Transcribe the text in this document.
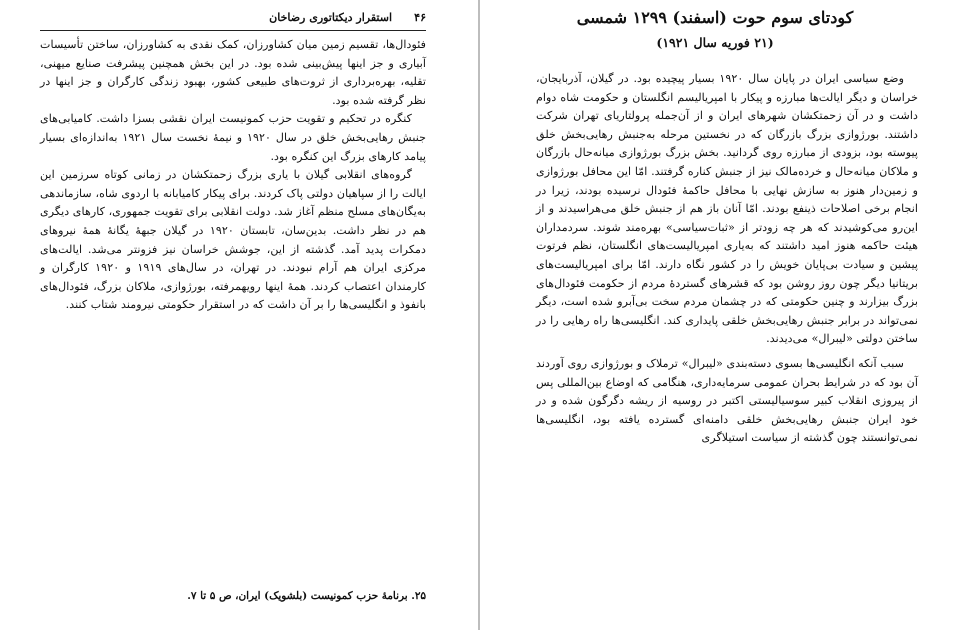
۴۶
استقرار دیکتاتوری رضاخان

فئودال‌ها، تقسیم زمین میان کشاورزان، کمک نقدی به کشاورزان، ساختن تأسیسات آبیاری و جز اینها پیش‌بینی شده بود. در این بخش همچنین پیشرفت صنایع میهنی، تقلیه، بهره‌برداری از ثروت‌های طبیعی کشور، بهبود زندگی کارگران و جز اینها در نظر گرفته شده بود.

کنگره در تحکیم و تقویت حزب کمونیست ایران نقشی بسزا داشت. کامیابی‌های جنبش رهایی‌بخش خلق در سال ۱۹۲۰ و نیمهٔ نخست سال ۱۹۲۱ به‌اندازه‌ای بسیار پیامد کارهای بزرگ این کنگره بود.

گروه‌های انقلابی گیلان با یاری بزرگ زحمتکشان در زمانی کوتاه سرزمین این ایالت را از سپاهیان دولتی پاک کردند. برای پیکار کامیابانه با اردوی شاه، سازماندهی به‌یگان‌های مسلح منظم آغاز شد. دولت انقلابی برای تقویت جمهوری، کارهای دیگری هم در نظر داشت. بدین‌سان، تابستان ۱۹۲۰ در گیلان جبههٔ یگانهٔ همهٔ نیروهای دمکرات پدید آمد. گذشته از این، جوشش خراسان نیز فزونتر می‌شد. ایالت‌های مرکزی ایران هم آرام نبودند. در تهران، در سال‌های ۱۹۱۹ و ۱۹۲۰ کارگران و کارمندان اعتصاب کردند. همهٔ اینها رویهمرفته، بورژوازی، ملاکان بزرگ، فئودال‌های بانفوذ و انگلیسی‌ها را بر آن داشت که در استقرار حکومتی نیرومند شتاب کنند.

۲۵. برنامهٔ حزب کمونیست (بلشویک) ایران، ص ۵ تا ۷.
کودتای سوم حوت (اسفند) ۱۲۹۹ شمسی
(۲۱ فوریه سال ۱۹۲۱)

وضع سیاسی ایران در پایان سال ۱۹۲۰ بسیار پیچیده بود. در گیلان، آذربایجان، خراسان و دیگر ایالت‌ها مبارزه و پیکار با امپریالیسم انگلستان و حکومت شاه دوام داشت و در آن زحمتکشان شهرهای ایران و از آن‌جمله پرولتاریای تهران شرکت داشتند. بورژوازی بزرگ بازرگان که در نخستین مرحله به‌جنبش رهایی‌بخش خلق پیوسته بود، بزودی از مبارزه روی گردانید. بخش بزرگ بورژوازی میانه‌حال بازرگان و ملاکان میانه‌حال و خرده‌مالک نیز از جنبش کناره گرفتند. امّا این محافل بورژوازی و زمین‌دار هنوز به سازش نهایی با محافل حاکمهٔ فئودال نرسیده بودند، زیرا در انجام برخی اصلاحات ذینفع بودند. امّا آنان باز هم از جنبش خلق می‌هراسیدند و از این‌رو می‌کوشیدند که هر چه زودتر از «ثبات‌سیاسی» بهره‌مند شوند. سردمداران هیئت حاکمه هنوز امید داشتند که به‌یاری امپریالیست‌های انگلستان، نظم فرتوت پیشین و سیادت بی‌پایان خویش را در کشور نگاه دارند. امّا برای امپریالیست‌های بریتانیا دیگر چون روز روشن بود که قشرهای گستردهٔ مردم از حکومت فئودال‌های بزرگ بیزارند و چنین حکومتی که در چشمان مردم سخت بی‌آبرو شده است، دیگر نمی‌تواند در برابر جنبش رهایی‌بخش خلقی پایداری کند. انگلیسی‌ها راه رهایی را در ساختن دولتی «لیبرال» می‌دیدند.

سبب آنکه انگلیسی‌ها بسوی دسته‌بندی «لیبرال» ترملاک و بورژوازی روی آوردند آن بود که در شرایط بحران عمومی سرمایه‌داری، هنگامی که اوضاع بین‌المللی پس از پیروزی انقلاب کبیر سوسیالیستی اکتبر در روسیه از ریشه دگرگون شده و در خود ایران جنبش رهایی‌بخش خلقی دامنه‌ای گسترده یافته بود، انگلیسی‌ها نمی‌توانستند چون گذشته از سیاست استیلاگری
